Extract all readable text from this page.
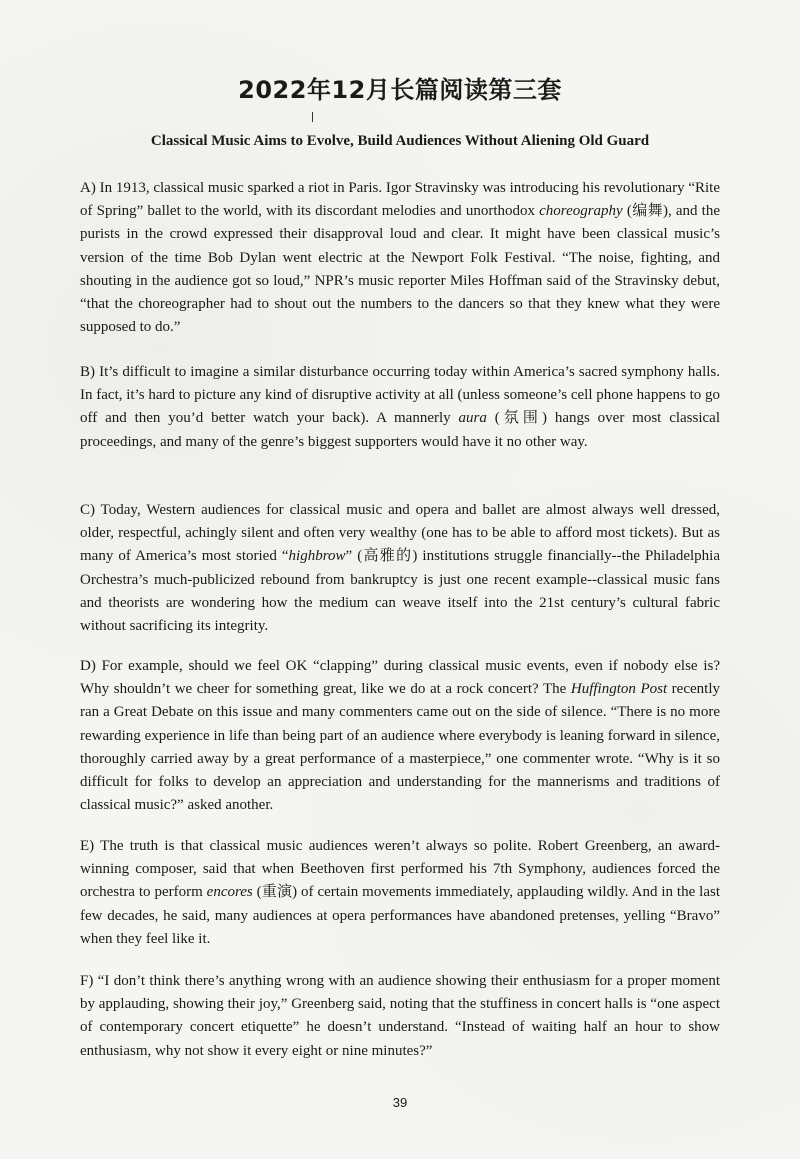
2022年12月长篇阅读第三套
Classical Music Aims to Evolve, Build Audiences Without Aliening Old Guard

A) In 1913, classical music sparked a riot in Paris. Igor Stravinsky was introducing his revolutionary “Rite of Spring” ballet to the world, with its discordant melodies and unorthodox choreography (编舞), and the purists in the crowd expressed their disapproval loud and clear. It might have been classical music’s version of the time Bob Dylan went electric at the Newport Folk Festival. “The noise, fighting, and shouting in the audience got so loud,” NPR’s music reporter Miles Hoffman said of the Stravinsky debut, “that the choreographer had to shout out the numbers to the dancers so that they knew what they were supposed to do.”

B) It’s difficult to imagine a similar disturbance occurring today within America’s sacred symphony halls. In fact, it’s hard to picture any kind of disruptive activity at all (unless someone’s cell phone happens to go off and then you’d better watch your back). A mannerly aura (氛围) hangs over most classical proceedings, and many of the genre’s biggest supporters would have it no other way.

C) Today, Western audiences for classical music and opera and ballet are almost always well dressed, older, respectful, achingly silent and often very wealthy (one has to be able to afford most tickets). But as many of America’s most storied “highbrow” (高雅的) institutions struggle financially--the Philadelphia Orchestra’s much-publicized rebound from bankruptcy is just one recent example--classical music fans and theorists are wondering how the medium can weave itself into the 21st century’s cultural fabric without sacrificing its integrity.

D) For example, should we feel OK “clapping” during classical music events, even if nobody else is? Why shouldn’t we cheer for something great, like we do at a rock concert? The Huffington Post recently ran a Great Debate on this issue and many commenters came out on the side of silence. “There is no more rewarding experience in life than being part of an audience where everybody is leaning forward in silence, thoroughly carried away by a great performance of a masterpiece,” one commenter wrote. “Why is it so difficult for folks to develop an appreciation and understanding for the mannerisms and traditions of classical music?” asked another.

E) The truth is that classical music audiences weren’t always so polite. Robert Greenberg, an award-winning composer, said that when Beethoven first performed his 7th Symphony, audiences forced the orchestra to perform encores (重演) of certain movements immediately, applauding wildly. And in the last few decades, he said, many audiences at opera performances have abandoned pretenses, yelling “Bravo” when they feel like it.

F) “I don’t think there’s anything wrong with an audience showing their enthusiasm for a proper moment by applauding, showing their joy,” Greenberg said, noting that the stuffiness in concert halls is “one aspect of contemporary concert etiquette” he doesn’t understand. “Instead of waiting half an hour to show enthusiasm, why not show it every eight or nine minutes?”

39
